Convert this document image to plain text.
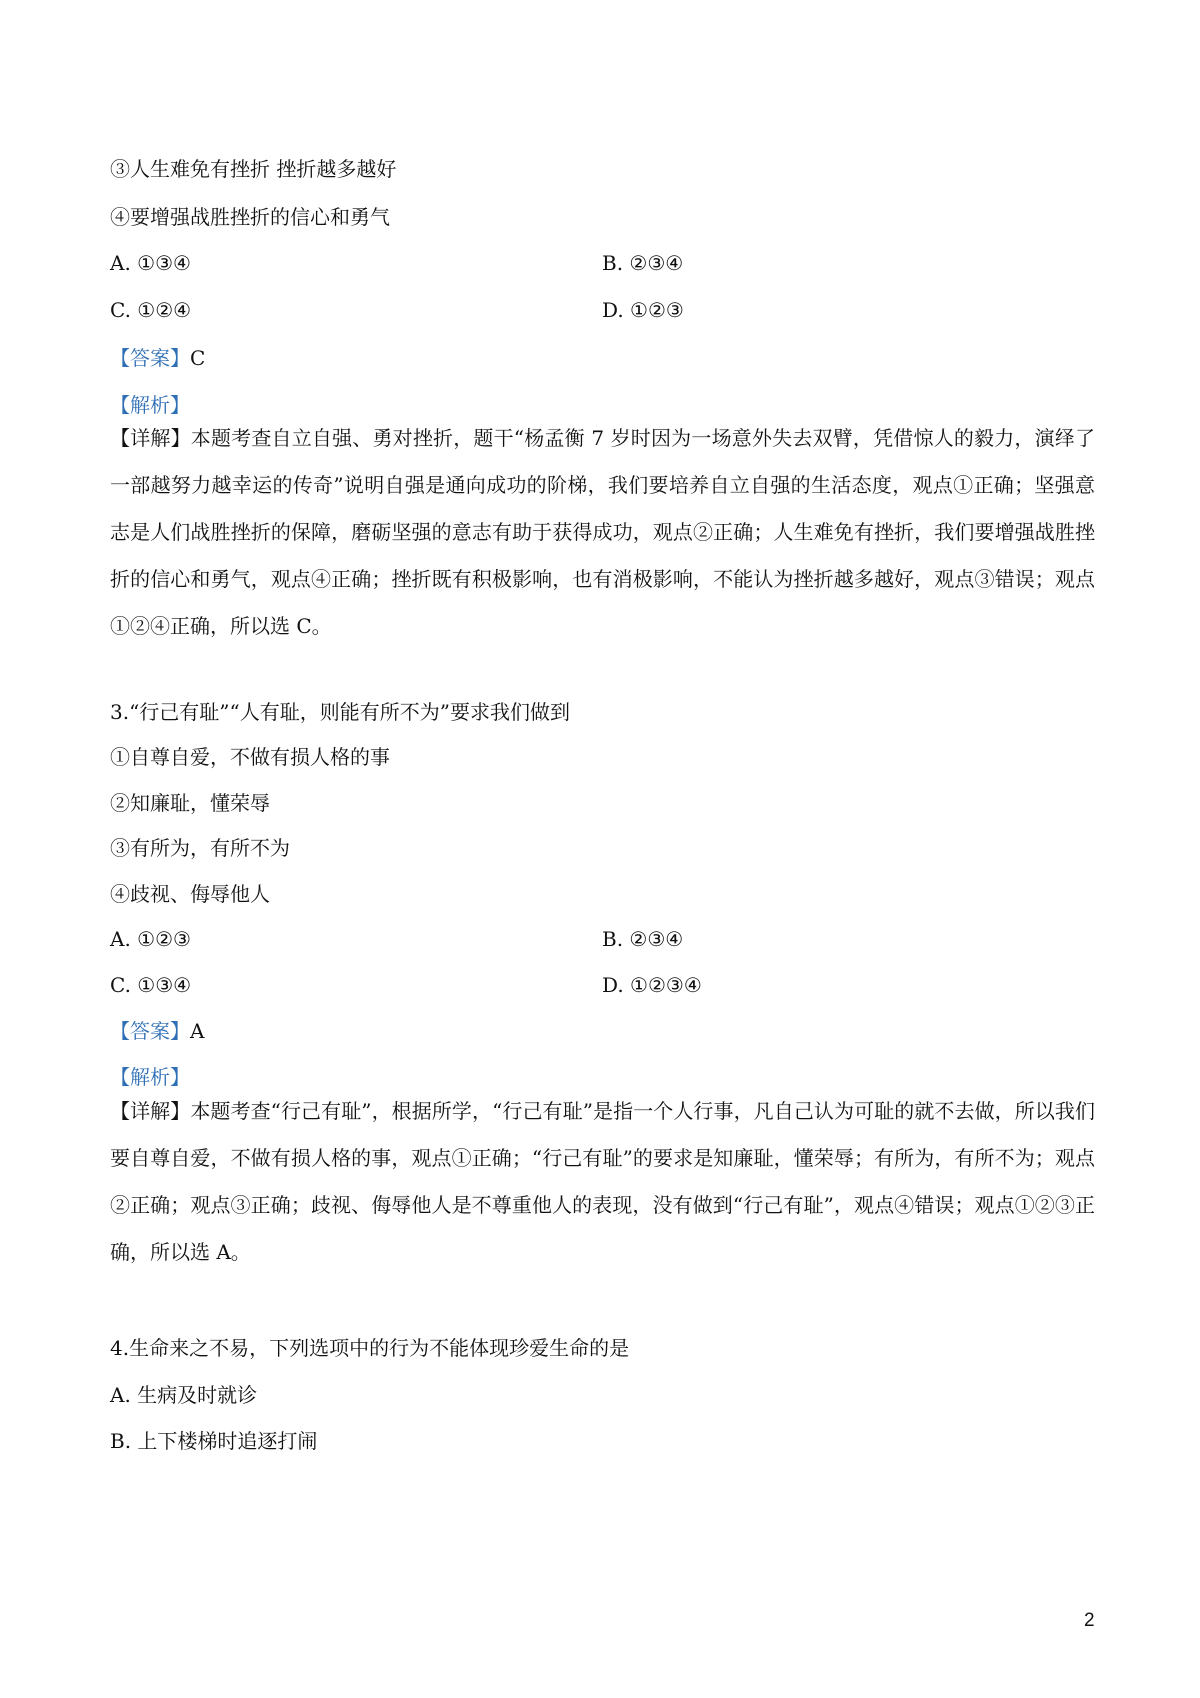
③人生难免有挫折 挫折越多越好
④要增强战胜挫折的信心和勇气
A. ①③④	B. ②③④
C. ①②④	D. ①②③
【答案】C
【解析】
【详解】本题考查自立自强、勇对挫折，题干“杨孟衡 7 岁时因为一场意外失去双臂，凭借惊人的毅力，演绎了一部越努力越幸运的传奇”说明自强是通向成功的阶梯，我们要培养自立自强的生活态度，观点①正确；坚强意志是人们战胜挫折的保障，磨砺坚强的意志有助于获得成功，观点②正确；人生难免有挫折，我们要增强战胜挫折的信心和勇气，观点④正确；挫折既有积极影响，也有消极影响，不能认为挫折越多越好，观点③错误；观点①②④正确，所以选 C。
3.“行己有耻”“人有耻，则能有所不为”要求我们做到
①自尊自爱，不做有损人格的事
②知廉耻，懂荣辱
③有所为，有所不为
④歧视、侮辱他人
A. ①②③	B. ②③④
C. ①③④	D. ①②③④
【答案】A
【解析】
【详解】本题考查“行己有耻”，根据所学，“行己有耻”是指一个人行事，凡自己认为可耻的就不去做，所以我们要自尊自爱，不做有损人格的事，观点①正确；“行己有耻”的要求是知廉耻，懂荣辱；有所为，有所不为；观点②正确；观点③正确；歧视、侮辱他人是不尊重他人的表现，没有做到“行己有耻”，观点④错误；观点①②③正确，所以选 A。
4.生命来之不易，下列选项中的行为不能体现珍爱生命的是
A. 生病及时就诊
B. 上下楼梯时追逐打闹
2
